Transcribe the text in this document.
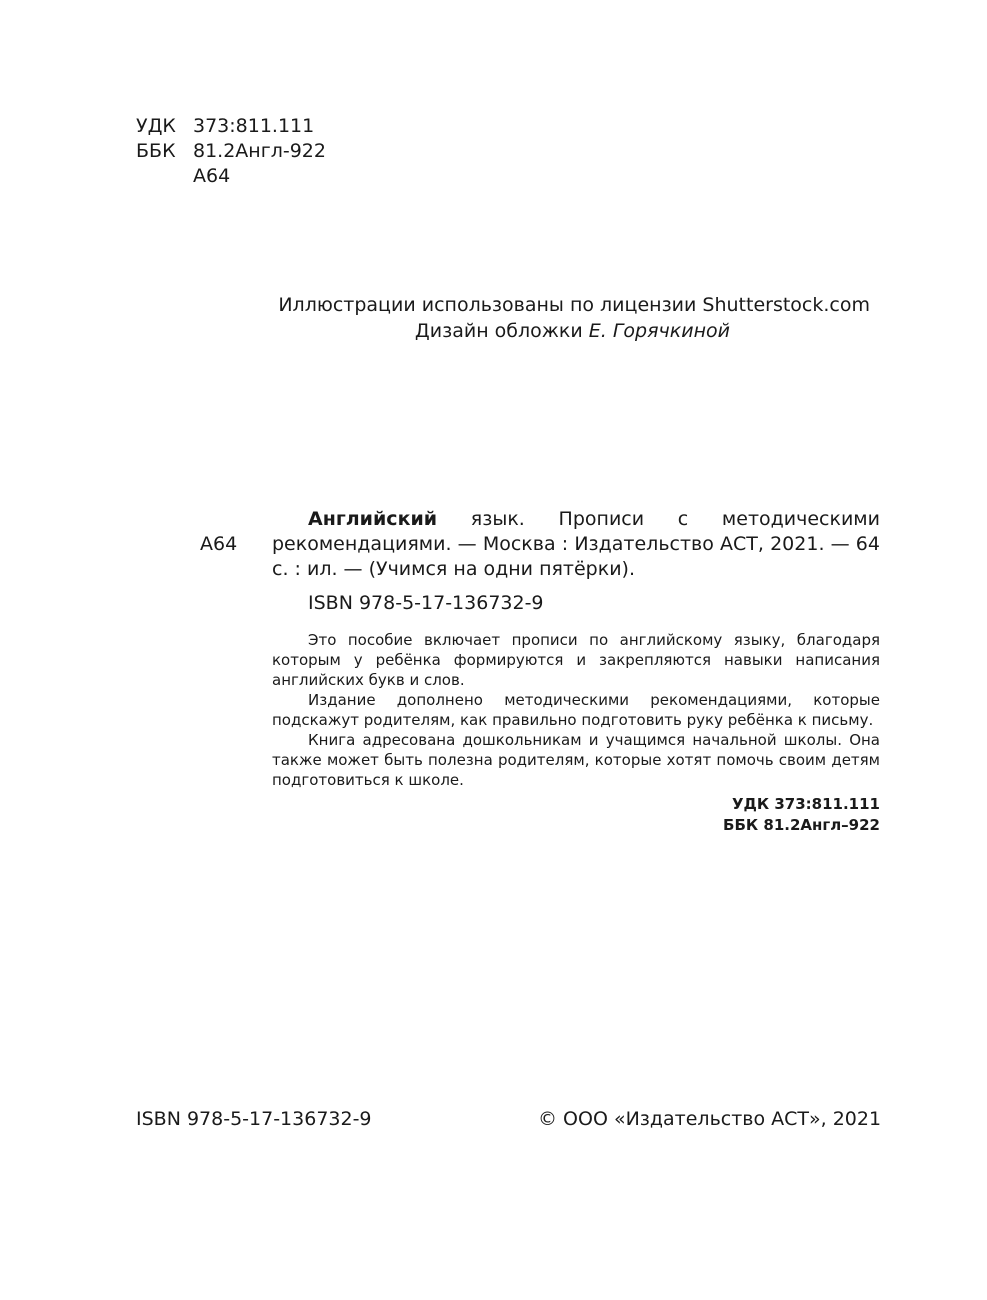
УДК 373:811.111
ББК 81.2Англ-922
А64
Иллюстрации использованы по лицензии Shutterstock.com
Дизайн обложки Е. Горячкиной
А64

Английский язык. Прописи с методическими рекомендациями. — Москва : Издательство АСТ, 2021. — 64 с. : ил. — (Учимся на одни пятёрки).

ISBN 978-5-17-136732-9

Это пособие включает прописи по английскому языку, благодаря которым у ребёнка формируются и закрепляются навыки написания английских букв и слов.

Издание дополнено методическими рекомендациями, которые подскажут родителям, как правильно подготовить руку ребёнка к письму.

Книга адресована дошкольникам и учащимся начальной школы. Она также может быть полезна родителям, которые хотят помочь своим детям подготовиться к школе.

УДК 373:811.111
ББК 81.2Англ–922
ISBN 978-5-17-136732-9	© ООО «Издательство АСТ», 2021
